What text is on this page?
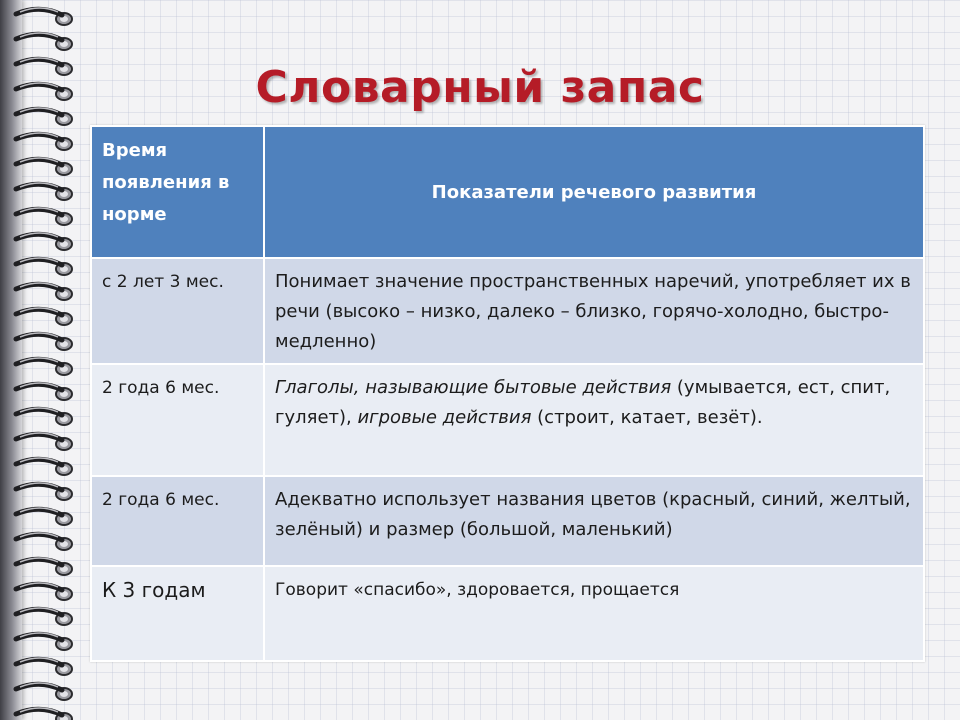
Словарный запас
Время появления в норме	Показатели речевого развития
с 2 лет 3 мес.	Понимает значение пространственных наречий, употребляет их в речи (высоко – низко, далеко – близко, горячо-холодно, быстро-медленно)
2 года 6 мес.	Глаголы, называющие бытовые действия (умывается, ест, спит, гуляет), игровые действия (строит, катает, везёт).
2 года 6 мес.	Адекватно использует названия цветов (красный, синий, желтый, зелёный) и размер (большой, маленький)
К 3 годам	Говорит «спасибо», здоровается, прощается
